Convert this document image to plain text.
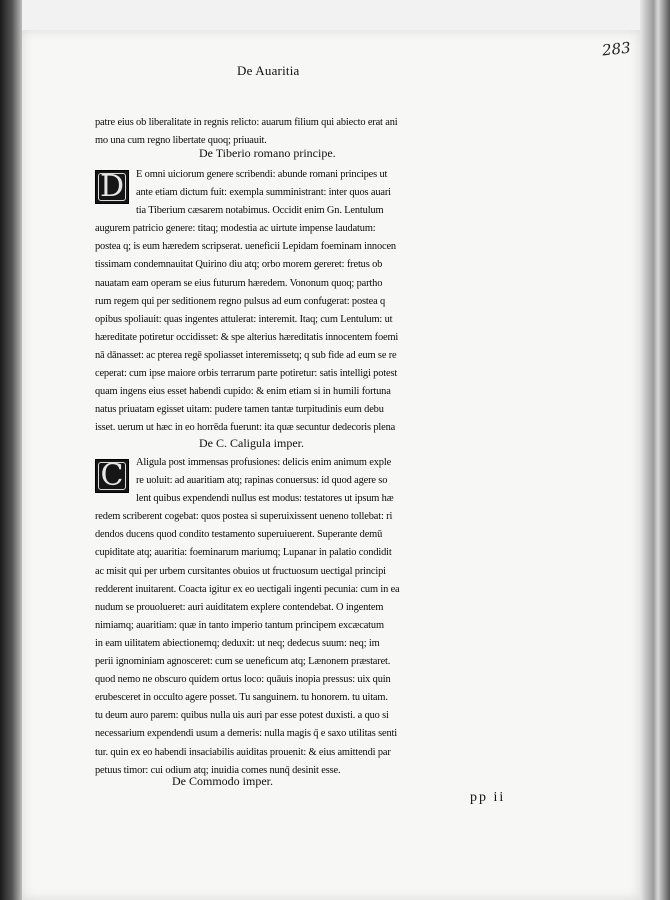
283
De Auaritia
patre eius ob liberalitate in regnis relicto: auarum filium qui abiecto erat ani
mo una cum regno libertate quoq; priuauit.
De Tiberio romano principe.
D	E omni uiciorum genere scribendi: abunde romani principes ut
ante etiam dictum fuit: exempla sumministrant: inter quos auari
tia Tiberium cæsarem notabimus. Occidit enim Gn. Lentulum
augurem patricio genere: titaq; modestia ac uirtute impense laudatum:
postea q; is eum hæredem scripserat. ueneficii Lepidam foeminam innocen
tissimam condemnauitat Quirino diu atq; orbo morem gereret: fretus ob
nauatam eam operam se eius futurum hæredem. Vononum quoq; partho
rum regem qui per seditionem regno pulsus ad eum confugerat: postea q
opibus spoliauit: quas ingentes attulerat: interemit. Itaq; cum Lentulum: ut
hæreditate potiretur occidisset: & spe alterius hæreditatis innocentem foemi
nā dānasset: ac pterea regē spoliasset interemissetq; q sub fide ad eum se re
ceperat: cum ipse maiore orbis terrarum parte potiretur: satis intelligi potest
quam ingens eius esset habendi cupido: & enim etiam si in humili fortuna
natus priuatam egisset uitam: pudere tamen tantæ turpitudinis eum debu
isset. uerum ut hæc in eo horrēda fuerunt: ita quæ secuntur dedecoris plena
De C. Caligula imper.
C	Aligula post immensas profusiones: delicis enim animum exple
re uoluit: ad auaritiam atq; rapinas conuersus: id quod agere so
lent quibus expendendi nullus est modus: testatores ut ipsum hæ
redem scriberent cogebat: quos postea si superuixissent ueneno tollebat: ri
dendos ducens quod condito testamento superuiuerent. Superante demū
cupiditate atq; auaritia: foeminarum mariumq; Lupanar in palatio condidit
ac misit qui per urbem cursitantes obuios ut fructuosum uectigal principi
redderent inuitarent. Coacta igitur ex eo uectigali ingenti pecunia: cum in ea
nudum se prouolueret: auri auiditatem explere contendebat. O ingentem
nimiamq; auaritiam: quæ in tanto imperio tantum principem excæcatum
in eam uilitatem abiectionemq; deduxit: ut neq; dedecus suum: neq; im
perii ignominiam agnosceret: cum se ueneficum atq; Lænonem præstaret.
quod nemo ne obscuro quidem ortus loco: quāuis inopia pressus: uix quin
erubesceret in occulto agere posset. Tu sanguinem. tu honorem. tu uitam.
tu deum auro parem: quibus nulla uis auri par esse potest duxisti. a quo si
necessarium expendendi usum a demeris: nulla magis q̄ e saxo utilitas senti
tur. quin ex eo habendi insaciabilis auiditas prouenit: & eius amittendi par
petuus timor: cui odium atq; inuidia comes nunq̄ desinit esse.
De Commodo imper.
pp ii
